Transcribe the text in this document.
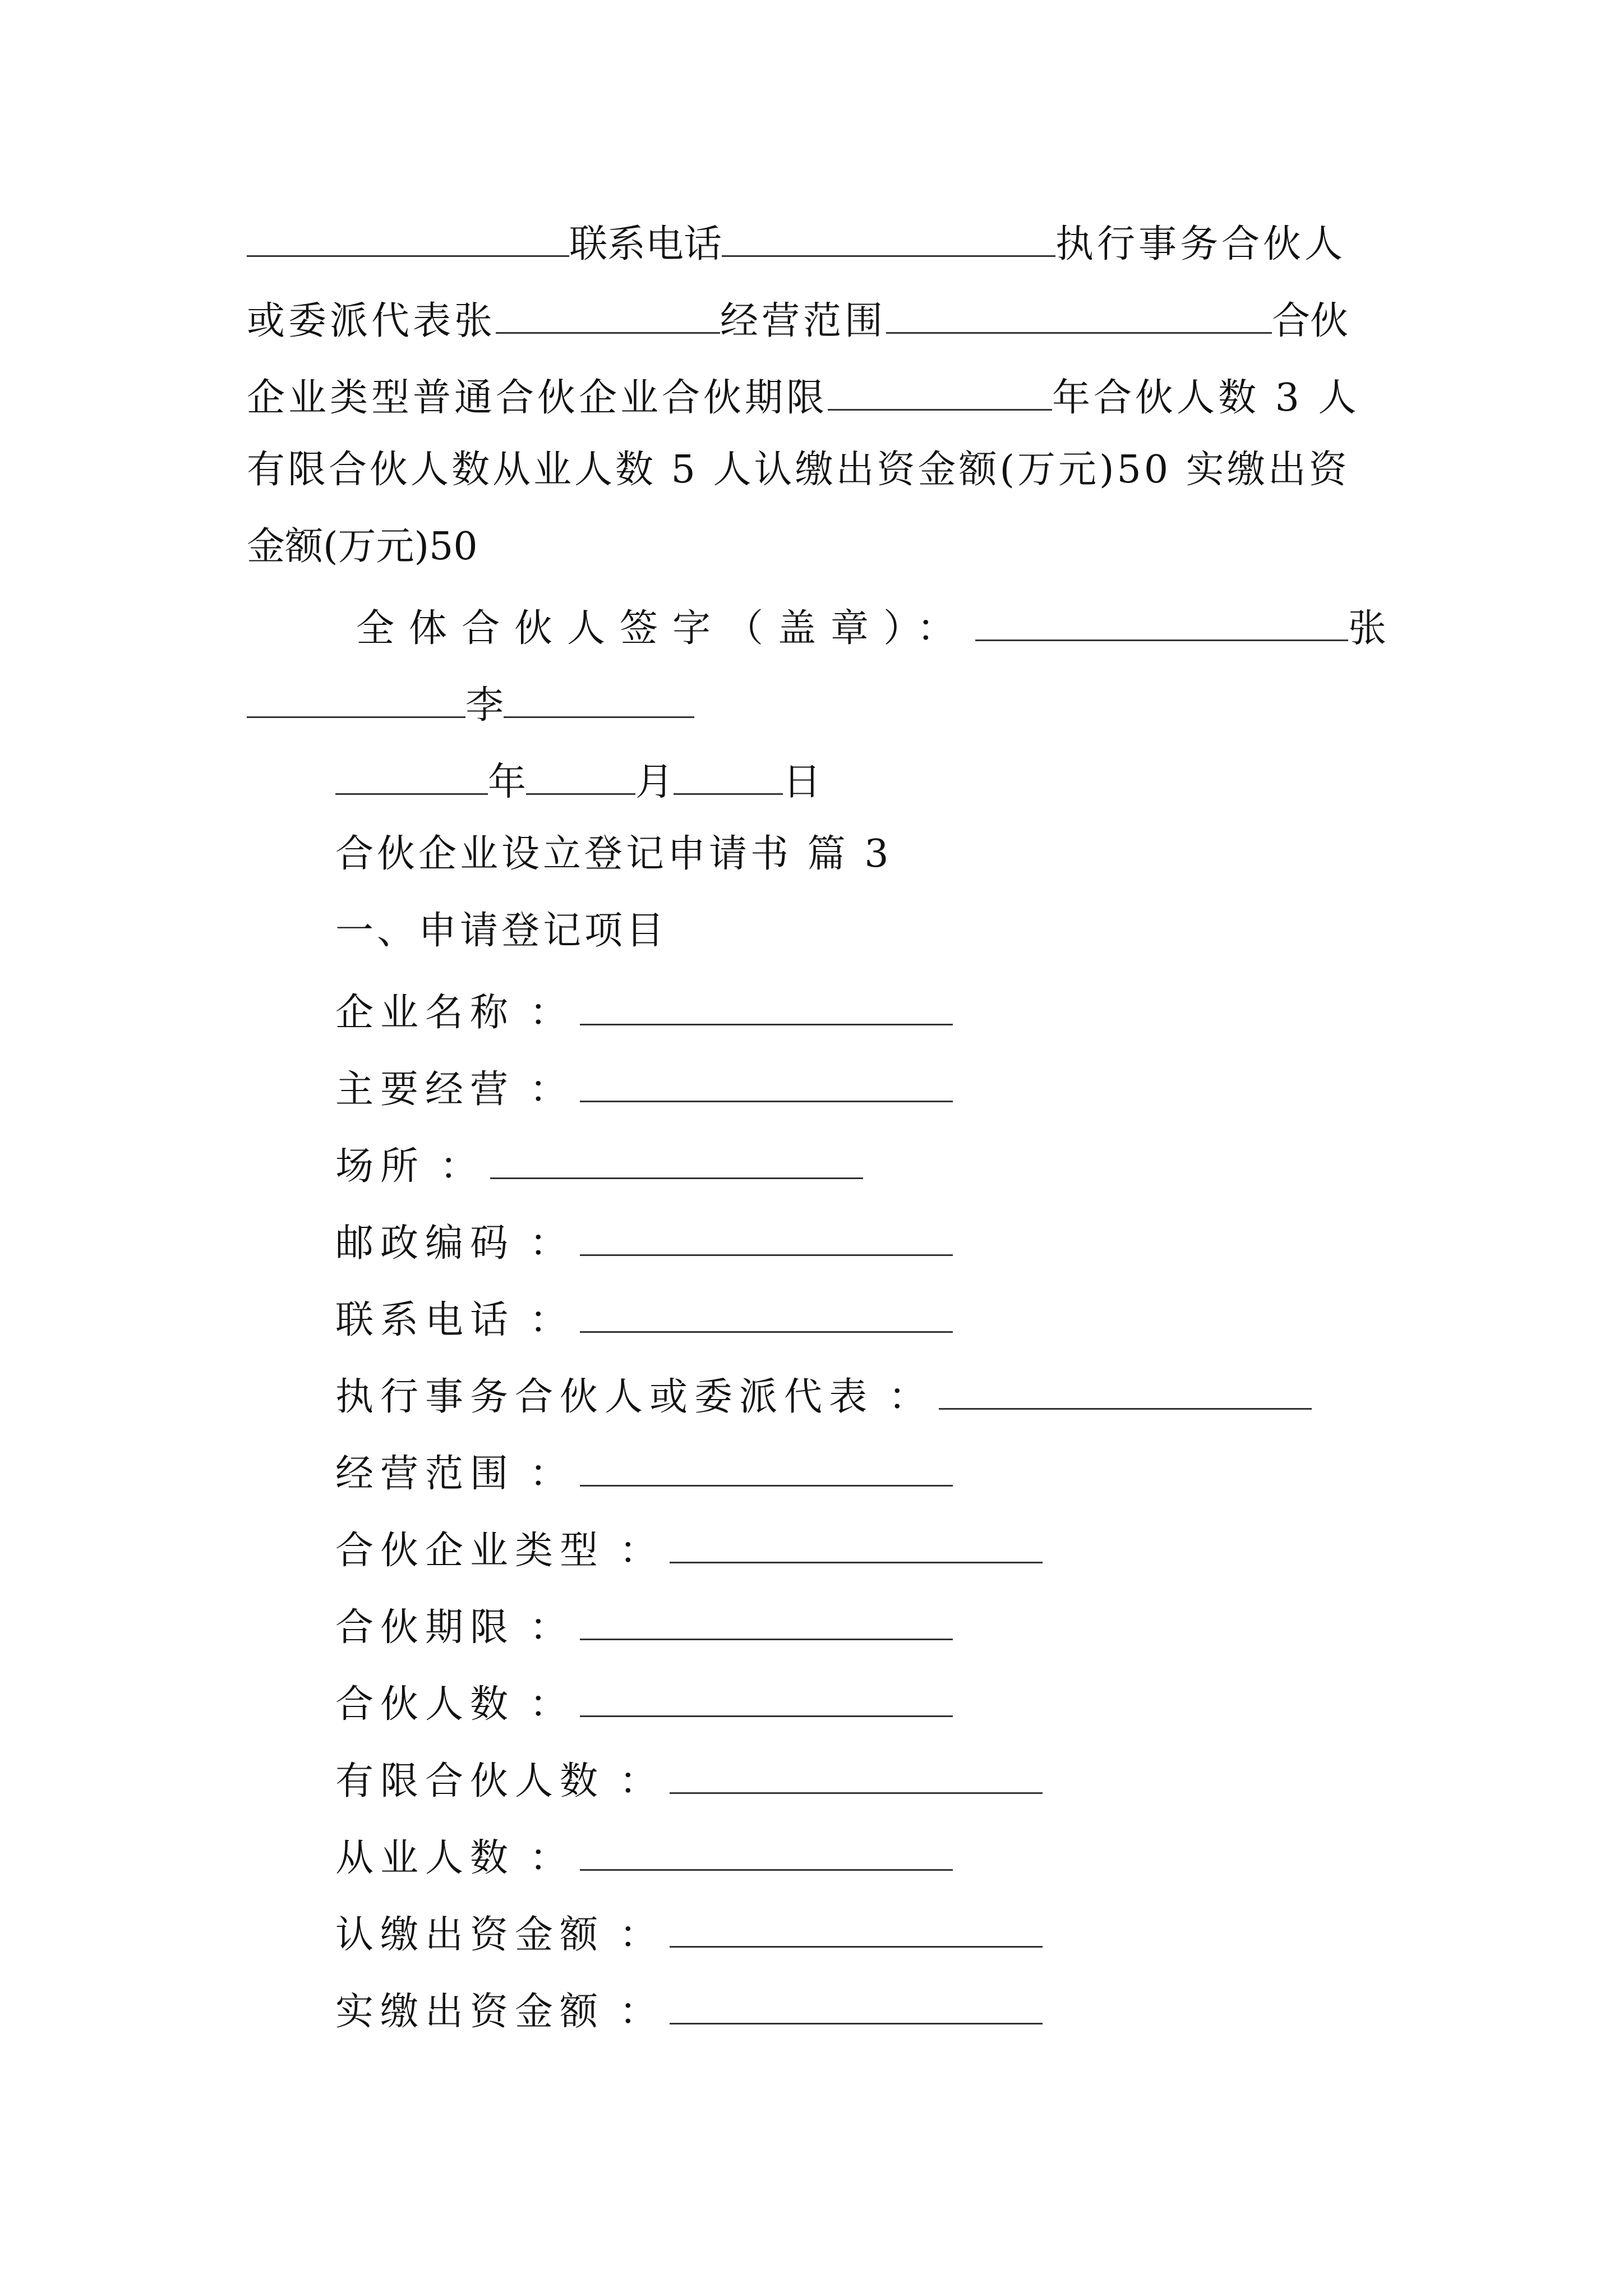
联系电话	执行事务合伙人
或委派代表张	经营范围	合伙
企业类型普通合伙企业合伙期限	年合伙人数 3 人
有限合伙人数从业人数 5 人认缴出资金额(万元)50 实缴出资
金额(万元)50
全体合伙人签字（盖章）：	张
李
年	月	日
合伙企业设立登记申请书 篇 3
一、申请登记项目
企业名称 ：
主要经营 ：
场所 ：
邮政编码 ：
联系电话 ：
执行事务合伙人或委派代表 ：
经营范围 ：
合伙企业类型 ：
合伙期限 ：
合伙人数 ：
有限合伙人数 ：
从业人数 ：
认缴出资金额 ：
实缴出资金额 ：
